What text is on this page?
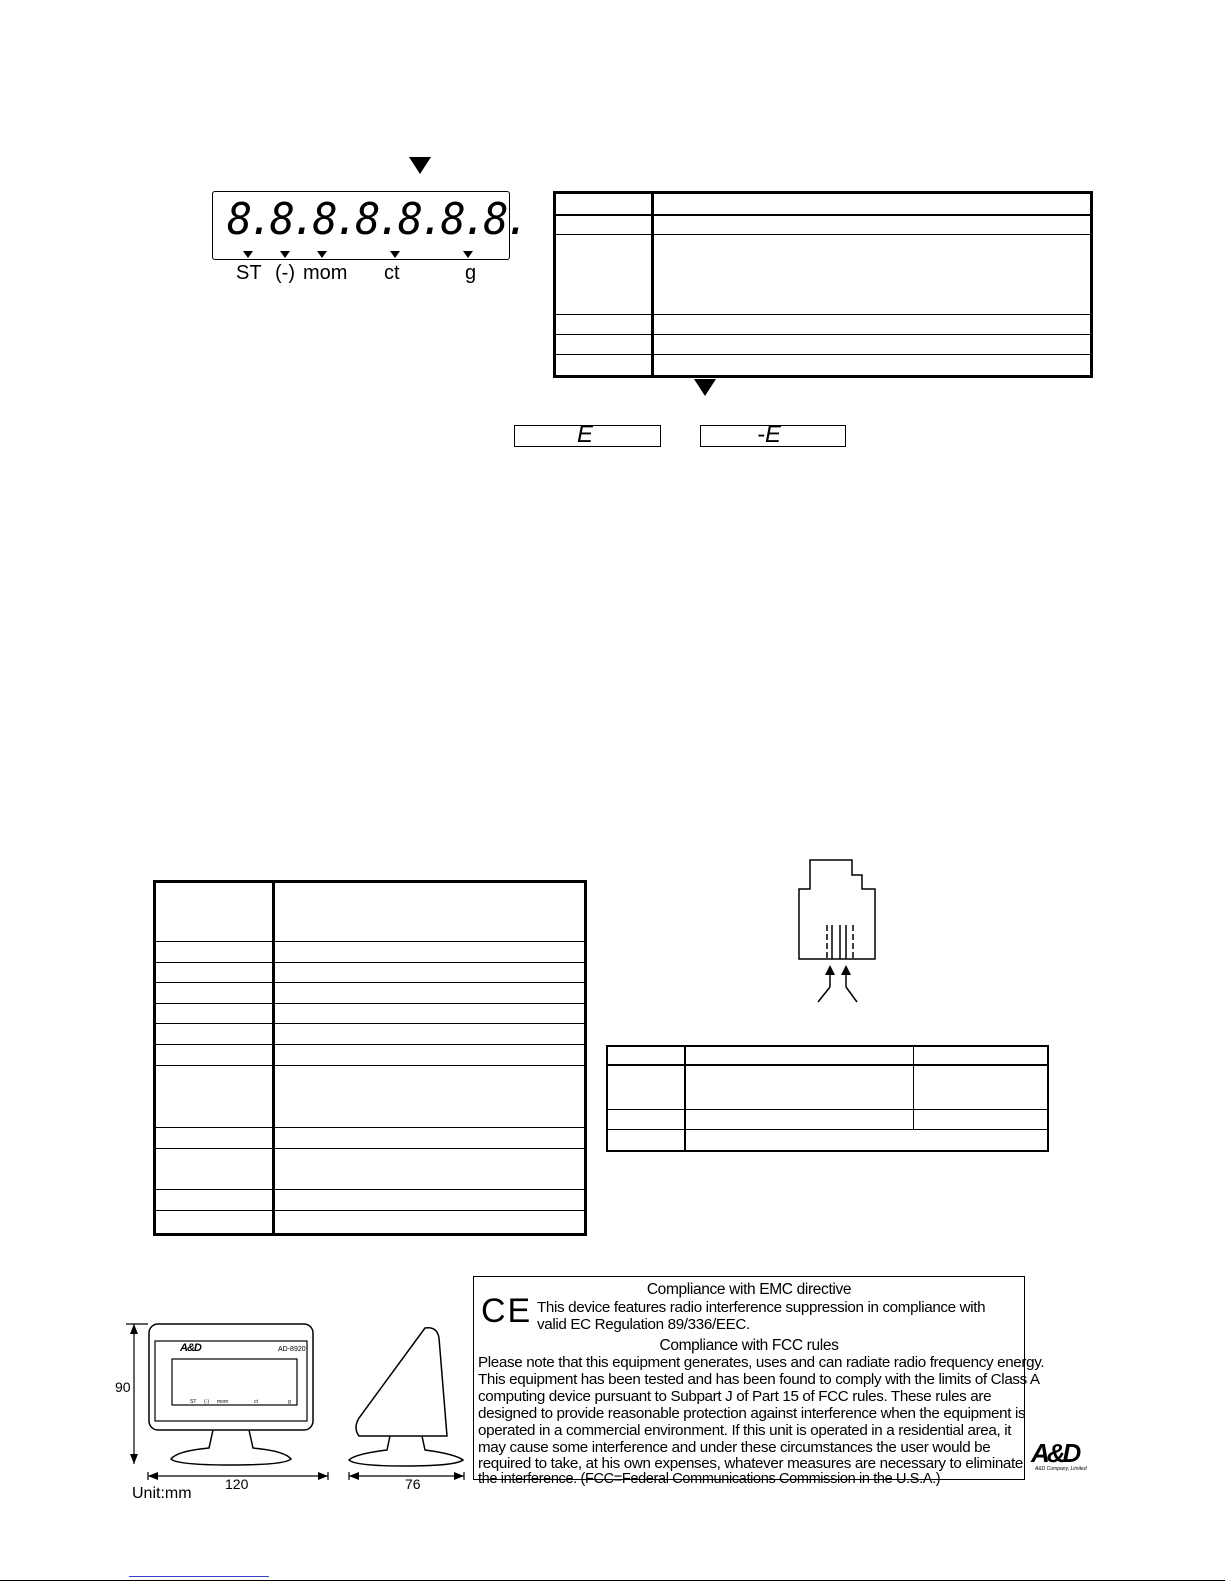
8.8.8.8.8.8.8.
ST (-) mom ct	g
E	-E
A&D	AD-8920
ST (-) mom	ct	g
90
120
Unit:mm
76

Compliance with EMC directive

CE This device features radio interference suppression in compliance with

valid EC Regulation 89/336/EEC.

Compliance with FCC rules

Please note that this equipment generates, uses and can radiate radio frequency energy.

This equipment has been tested and has been found to comply with the limits of Class A

computing device pursuant to Subpart J of Part 15 of FCC rules. These rules are

designed to provide reasonable protection against interference when the equipment is

operated in a commercial environment. If this unit is operated in a residential area, it

may cause some interference and under these circumstances the user would be

required to take, at his own expenses, whatever measures are necessary to eliminate

the interference. (FCC=Federal Communications Commission in the U.S.A.)

A&D
A&D Company, Limited
